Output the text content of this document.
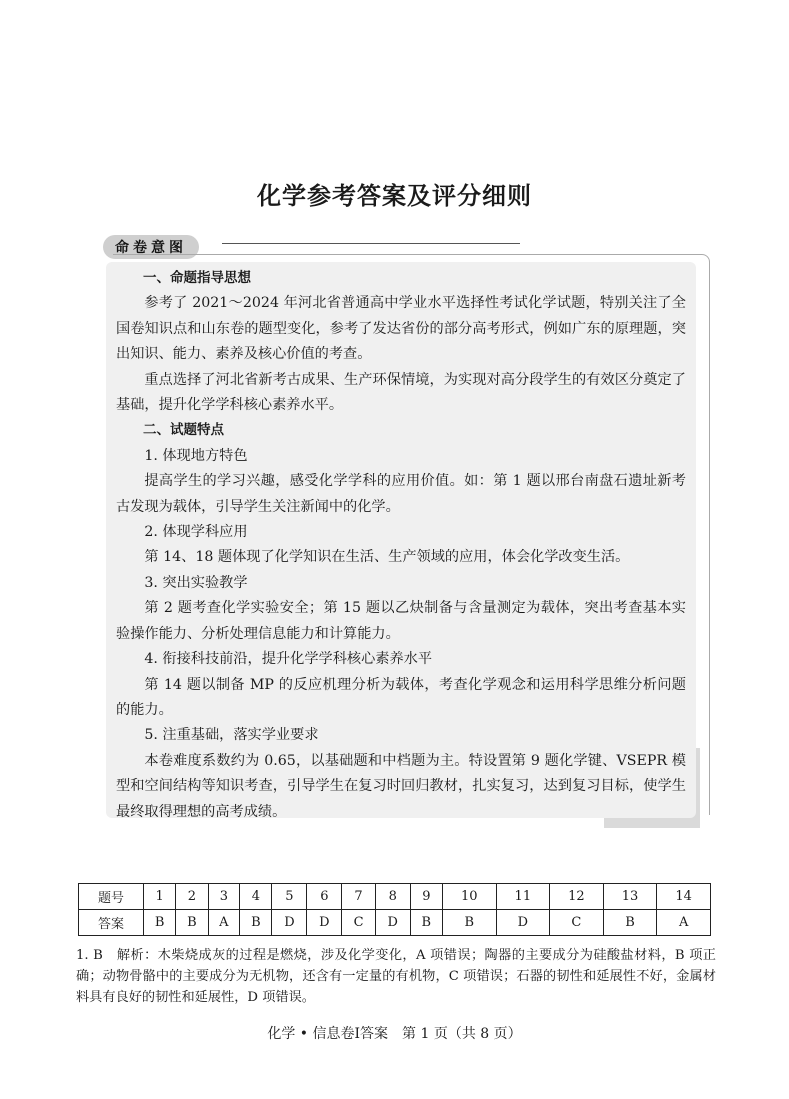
化学参考答案及评分细则
命卷意图

一、命题指导思想

参考了 2021～2024 年河北省普通高中学业水平选择性考试化学试题，特别关注了全国卷知识点和山东卷的题型变化，参考了发达省份的部分高考形式，例如广东的原理题，突出知识、能力、素养及核心价值的考查。

重点选择了河北省新考古成果、生产环保情境，为实现对高分段学生的有效区分奠定了基础，提升化学学科核心素养水平。

二、试题特点

1. 体现地方特色

提高学生的学习兴趣，感受化学学科的应用价值。如：第 1 题以邢台南盘石遗址新考古发现为载体，引导学生关注新闻中的化学。

2. 体现学科应用

第 14、18 题体现了化学知识在生活、生产领域的应用，体会化学改变生活。

3. 突出实验教学

第 2 题考查化学实验安全；第 15 题以乙炔制备与含量测定为载体，突出考查基本实验操作能力、分析处理信息能力和计算能力。

4. 衔接科技前沿，提升化学学科核心素养水平

第 14 题以制备 MP 的反应机理分析为载体，考查化学观念和运用科学思维分析问题的能力。

5. 注重基础，落实学业要求

本卷难度系数约为 0.65，以基础题和中档题为主。特设置第 9 题化学键、VSEPR 模型和空间结构等知识考查，引导学生在复习时回归教材，扎实复习，达到复习目标，使学生最终取得理想的高考成绩。

题号	1	2	3	4	5	6	7	8	9	10	11	12	13	14
答案	B	B	A	B	D	D	C	D	B	B	D	C	B	A

1. B　解析：木柴烧成灰的过程是燃烧，涉及化学变化，A 项错误；陶器的主要成分为硅酸盐材料，B 项正确；动物骨骼中的主要成分为无机物，还含有一定量的有机物，C 项错误；石器的韧性和延展性不好，金属材料具有良好的韧性和延展性，D 项错误。

化学 • 信息卷Ⅰ答案　第 1 页（共 8 页）
